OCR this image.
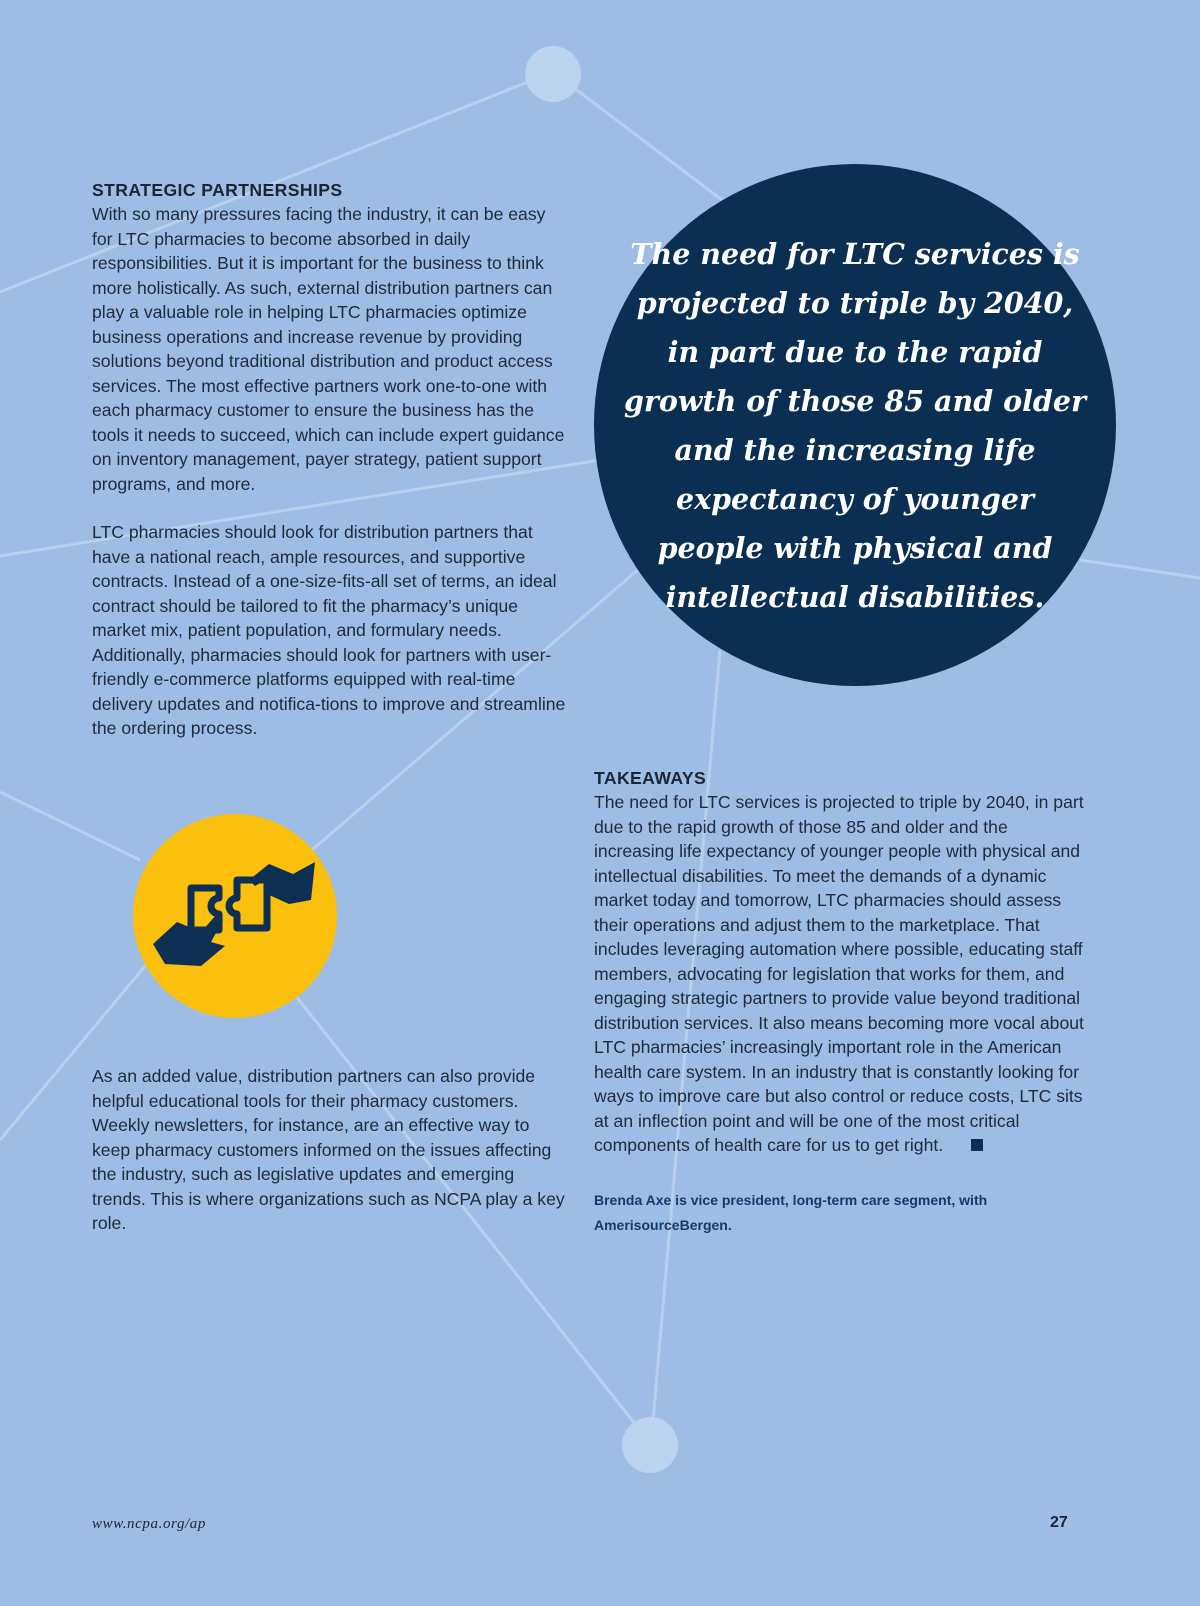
STRATEGIC PARTNERSHIPS

With so many pressures facing the industry, it can be easy for LTC pharmacies to become absorbed in daily responsibilities. But it is important for the business to think more holistically. As such, external distribution partners can play a valuable role in helping LTC pharmacies optimize business operations and increase revenue by providing solutions beyond traditional distribution and product access services. The most effective partners work one-to-one with each pharmacy customer to ensure the business has the tools it needs to succeed, which can include expert guidance on inventory management, payer strategy, patient support programs, and more.

LTC pharmacies should look for distribution partners that have a national reach, ample resources, and supportive contracts. Instead of a one-size-fits-all set of terms, an ideal contract should be tailored to fit the pharmacy’s unique market mix, patient population, and formulary needs. Additionally, pharmacies should look for partners with user-friendly e-commerce platforms equipped with real-time delivery updates and notifica-tions to improve and streamline the ordering process.

The need for LTC services is projected to triple by 2040, in part due to the rapid growth of those 85 and older and the increasing life expectancy of younger people with physical and intellectual disabilities.

As an added value, distribution partners can also provide helpful educational tools for their pharmacy customers. Weekly newsletters, for instance, are an effective way to keep pharmacy customers informed on the issues affecting the industry, such as legislative updates and emerging trends. This is where organizations such as NCPA play a key role.

TAKEAWAYS

The need for LTC services is projected to triple by 2040, in part due to the rapid growth of those 85 and older and the increasing life expectancy of younger people with physical and intellectual disabilities. To meet the demands of a dynamic market today and tomorrow, LTC pharmacies should assess their operations and adjust them to the marketplace. That includes leveraging automation where possible, educating staff members, advocating for legislation that works for them, and engaging strategic partners to provide value beyond traditional distribution services. It also means becoming more vocal about LTC pharmacies’ increasingly important role in the American health care system. In an industry that is constantly looking for ways to improve care but also control or reduce costs, LTC sits at an inflection point and will be one of the most critical components of health care for us to get right.

Brenda Axe is vice president, long-term care segment, with AmerisourceBergen.

www.ncpa.org/ap	27
